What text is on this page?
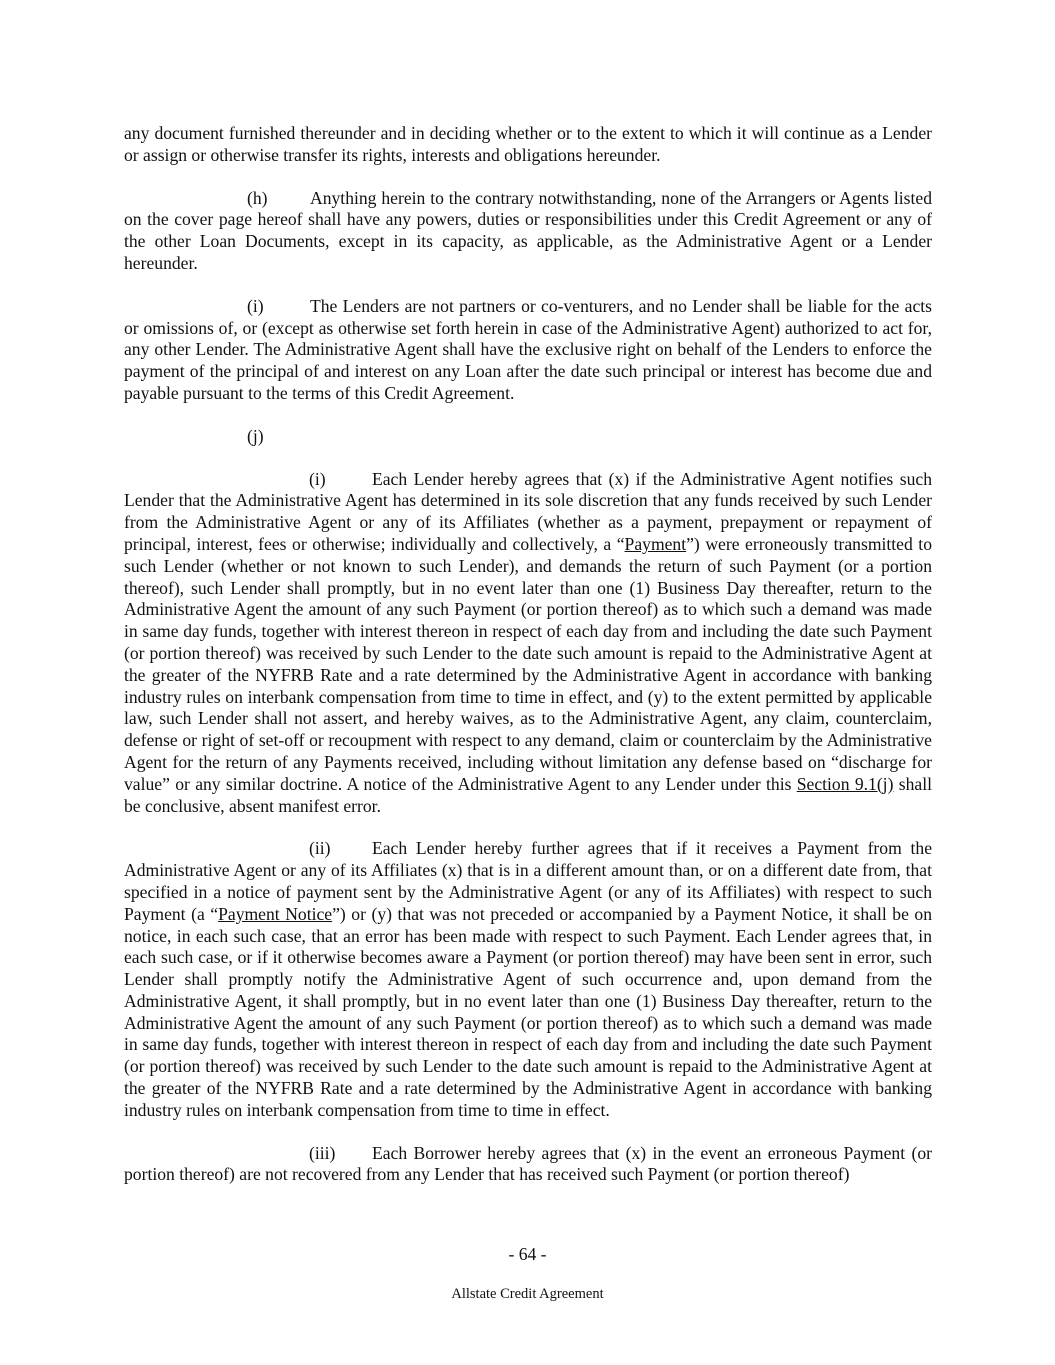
any document furnished thereunder and in deciding whether or to the extent to which it will continue as a Lender or assign or otherwise transfer its rights, interests and obligations hereunder.

(h) Anything herein to the contrary notwithstanding, none of the Arrangers or Agents listed on the cover page hereof shall have any powers, duties or responsibilities under this Credit Agreement or any of the other Loan Documents, except in its capacity, as applicable, as the Administrative Agent or a Lender hereunder.

(i)	The Lenders are not partners or co-venturers, and no Lender shall be liable for the acts or omissions of, or (except as otherwise set forth herein in case of the Administrative Agent) authorized to act for, any other Lender. The Administrative Agent shall have the exclusive right on behalf of the Lenders to enforce the payment of the principal of and interest on any Loan after the date such principal or interest has become due and payable pursuant to the terms of this Credit Agreement.

(j)

(i)	Each Lender hereby agrees that (x) if the Administrative Agent notifies such Lender that the Administrative Agent has determined in its sole discretion that any funds received by such Lender from the Administrative Agent or any of its Affiliates (whether as a payment, prepayment or repayment of principal, interest, fees or otherwise; individually and collectively, a “Payment”) were erroneously transmitted to such Lender (whether or not known to such Lender), and demands the return of such Payment (or a portion thereof), such Lender shall promptly, but in no event later than one (1) Business Day thereafter, return to the Administrative Agent the amount of any such Payment (or portion thereof) as to which such a demand was made in same day funds, together with interest thereon in respect of each day from and including the date such Payment (or portion thereof) was received by such Lender to the date such amount is repaid to the Administrative Agent at the greater of the NYFRB Rate and a rate determined by the Administrative Agent in accordance with banking industry rules on interbank compensation from time to time in effect, and (y) to the extent permitted by applicable law, such Lender shall not assert, and hereby waives, as to the Administrative Agent, any claim, counterclaim, defense or right of set-off or recoupment with respect to any demand, claim or counterclaim by the Administrative Agent for the return of any Payments received, including without limitation any defense based on “discharge for value” or any similar doctrine. A notice of the Administrative Agent to any Lender under this Section 9.1(j) shall be conclusive, absent manifest error.

(ii) Each Lender hereby further agrees that if it receives a Payment from the Administrative Agent or any of its Affiliates (x) that is in a different amount than, or on a different date from, that specified in a notice of payment sent by the Administrative Agent (or any of its Affiliates) with respect to such Payment (a “Payment Notice”) or (y) that was not preceded or accompanied by a Payment Notice, it shall be on notice, in each such case, that an error has been made with respect to such Payment. Each Lender agrees that, in each such case, or if it otherwise becomes aware a Payment (or portion thereof) may have been sent in error, such Lender shall promptly notify the Administrative Agent of such occurrence and, upon demand from the Administrative Agent, it shall promptly, but in no event later than one (1) Business Day thereafter, return to the Administrative Agent the amount of any such Payment (or portion thereof) as to which such a demand was made in same day funds, together with interest thereon in respect of each day from and including the date such Payment (or portion thereof) was received by such Lender to the date such amount is repaid to the Administrative Agent at the greater of the NYFRB Rate and a rate determined by the Administrative Agent in accordance with banking industry rules on interbank compensation from time to time in effect.

(iii) Each Borrower hereby agrees that (x) in the event an erroneous Payment (or portion thereof) are not recovered from any Lender that has received such Payment (or portion thereof)

- 64 -
Allstate Credit Agreement
